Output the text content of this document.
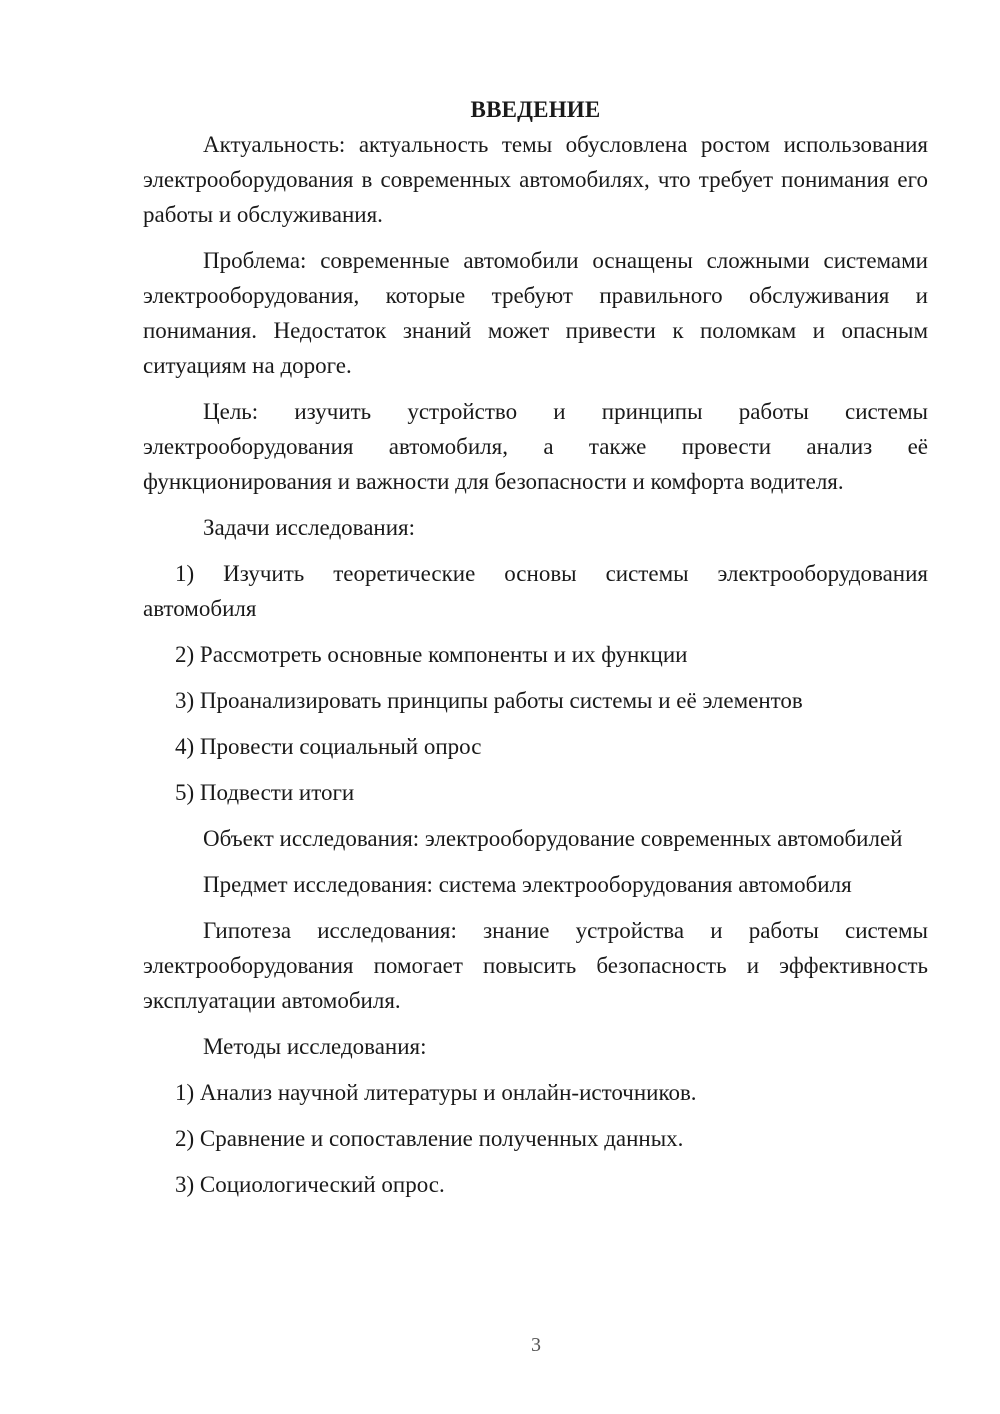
ВВЕДЕНИЕ

Актуальность: актуальность темы обусловлена ростом использования электрооборудования в современных автомобилях, что требует понимания его работы и обслуживания.

Проблема: современные автомобили оснащены сложными системами электрооборудования, которые требуют правильного обслуживания и понимания. Недостаток знаний может привести к поломкам и опасным ситуациям на дороге.

Цель: изучить устройство и принципы работы системы электрооборудования автомобиля, а также провести анализ её функционирования и важности для безопасности и комфорта водителя.

Задачи исследования:

1) Изучить теоретические основы системы электрооборудования автомобиля

2) Рассмотреть основные компоненты и их функции

3) Проанализировать принципы работы системы и её элементов

4) Провести социальный опрос

5) Подвести итоги

Объект исследования: электрооборудование современных автомобилей

Предмет исследования: система электрооборудования автомобиля

Гипотеза исследования: знание устройства и работы системы электрооборудования помогает повысить безопасность и эффективность эксплуатации автомобиля.

Методы исследования:

1) Анализ научной литературы и онлайн-источников.

2) Сравнение и сопоставление полученных данных.

3) Социологический опрос.

3
